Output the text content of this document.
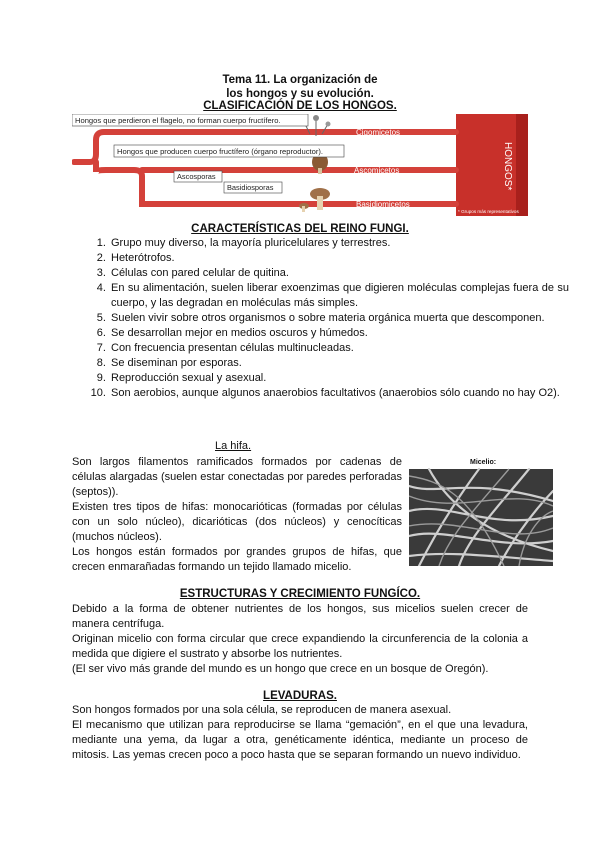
Tema 11. La organización de
los hongos y su evolución.
CLASIFICACIÓN DE LOS HONGOS.
Hongos que perdieron el flagelo, no forman cuerpo fructífero.
Hongos que producen cuerpo fructífero (órgano reproductor).
Ascosporas
Basidiosporas
Cigomicetos
Ascomicetos
Basidiomicetos
HONGOS*
* Grupos más representativos
CARACTERÍSTICAS DEL REINO FUNGI.
1. Grupo muy diverso, la mayoría pluricelulares y terrestres.
2. Heterótrofos.
3. Células con pared celular de quitina.
4. En su alimentación, suelen liberar exoenzimas que digieren moléculas complejas fuera de su cuerpo, y las degradan en moléculas más simples.
5. Suelen vivir sobre otros organismos o sobre materia orgánica muerta que descomponen.
6. Se desarrollan mejor en medios oscuros y húmedos.
7. Con frecuencia presentan células multinucleadas.
8. Se diseminan por esporas.
9. Reproducción sexual y asexual.
10. Son aerobios, aunque algunos anaerobios facultativos (anaerobios sólo cuando no hay O2).
La hifa.
Son largos filamentos ramificados formados por cadenas de células alargadas (suelen estar conectadas por paredes perforadas (septos)).
Existen tres tipos de hifas: monocarióticas (formadas por células con un solo núcleo), dicarióticas (dos núcleos) y cenocíticas (muchos núcleos).
Los hongos están formados por grandes grupos de hifas, que crecen enmarañadas formando un tejido llamado micelio.
Micelio:
ESTRUCTURAS Y CRECIMIENTO FUNGÍCO.
Debido a la forma de obtener nutrientes de los hongos, sus micelios suelen crecer de manera centrífuga.
Originan micelio con forma circular que crece expandiendo la circunferencia de la colonia a medida que digiere el sustrato y absorbe los nutrientes.
(El ser vivo más grande del mundo es un hongo que crece en un bosque de Oregón).
LEVADURAS.
Son hongos formados por una sola célula, se reproducen de manera asexual.
El mecanismo que utilizan para reproducirse se llama “gemación”, en el que una levadura, mediante una yema, da lugar a otra, genéticamente idéntica, mediante un proceso de mitosis. Las yemas crecen poco a poco hasta que se separan formando un nuevo individuo.
